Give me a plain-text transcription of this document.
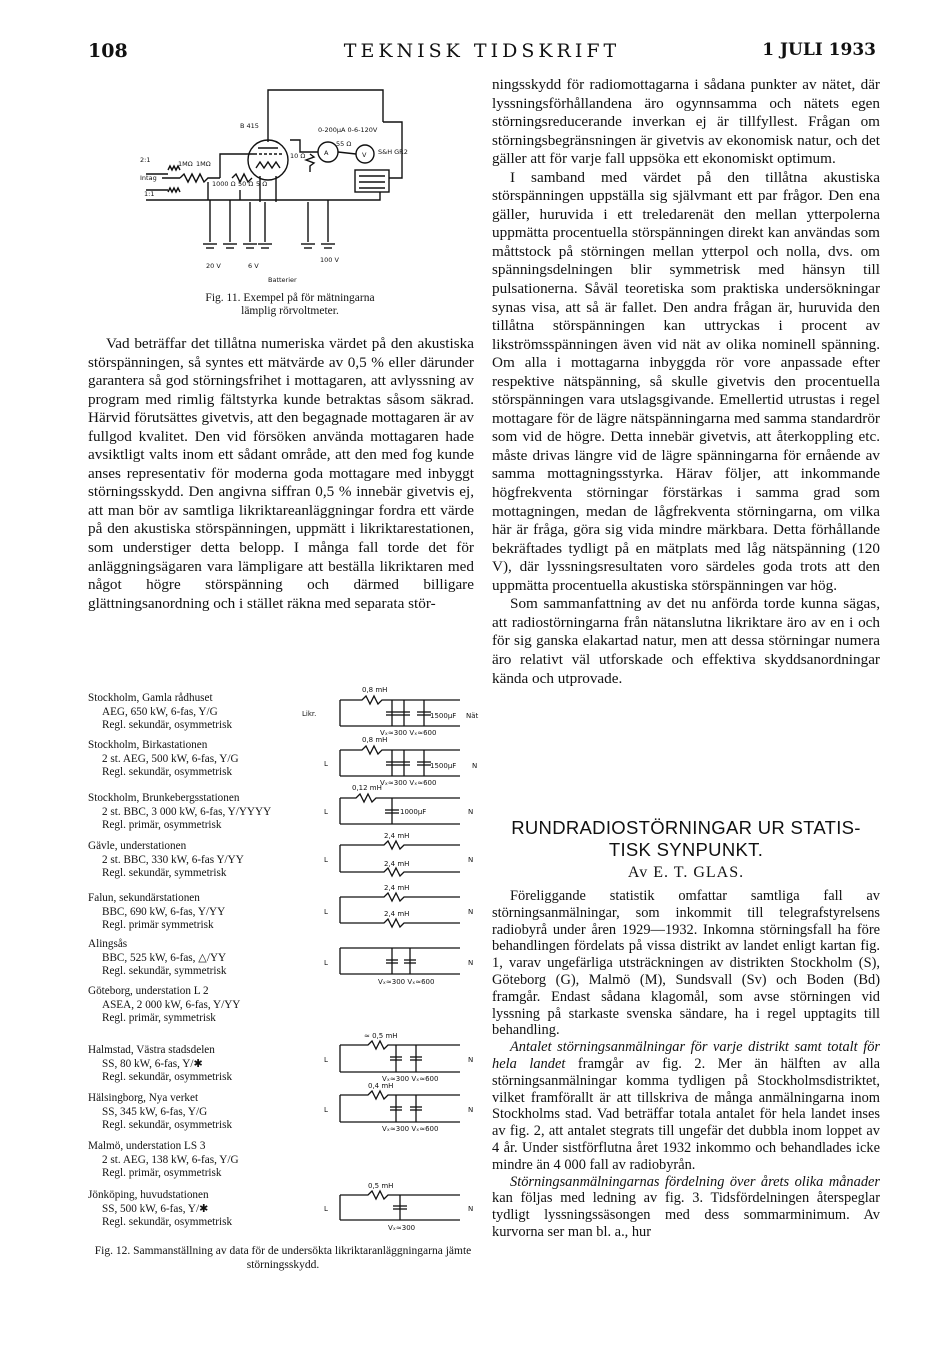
108	TEKNISK TIDSKRIFT	1 JULI 1933
B 415	0-200µA 0-6-120V
55 Ω
S&H GR2
10 Ω	A	V
2:1
Intag
1:1
1MΩ 1MΩ
1000 Ω 50 Ω 5 Ω
20 V	6 V
100 V
Batterier
Fig. 11. Exempel på för mätningarna
lämplig rörvoltmeter.

Vad beträffar det tillåtna numeriska värdet på den akustiska störspänningen, så syntes ett mätvärde av 0,5 % eller därunder garantera så god störningsfrihet i mottagaren, att avlyssning av program med rimlig fältstyrka kunde betraktas såsom säkrad. Härvid förutsättes givetvis, att den begagnade mottagaren är av fullgod kvalitet. Den vid försöken använda mottagaren hade avsiktligt valts inom ett sådant område, att den med fog kunde anses representativ för moderna goda mottagare med inbyggt störningsskydd. Den angivna siffran 0,5 % innebär givetvis ej, att man bör av samtliga likriktareanläggningar fordra ett värde på den akustiska störspänningen, uppmätt i likriktarestationen, som understiger detta belopp. I många fall torde det för anläggningsägaren vara lämpligare att beställa likriktaren med något högre störspänning och därmed billigare glättningsanordning och i stället räkna med separata stör-

Stockholm, Gamla rådhuset
AEG, 650 kW, 6-fas, Y/G
Regl. sekundär, osymmetrisk
Stockholm, Birkastationen
2 st. AEG, 500 kW, 6-fas, Y/G
Regl. sekundär, osymmetrisk
Stockholm, Brunkebergsstationen
2 st. BBC, 3 000 kW, 6-fas, Y/YYYY
Regl. primär, osymmetrisk
Gävle, understationen
2 st. BBC, 330 kW, 6-fas Y/YY
Regl. sekundär, symmetrisk
Falun, sekundärstationen
BBC, 690 kW, 6-fas, Y/YY
Regl. primär symmetrisk
Alingsås
BBC, 525 kW, 6-fas, △/YY
Regl. sekundär, symmetrisk
Göteborg, understation L 2
ASEA, 2 000 kW, 6-fas, Y/YY
Regl. primär, symmetrisk
Halmstad, Västra stadsdelen
SS, 80 kW, 6-fas, Y/✱
Regl. sekundär, osymmetrisk
Hälsingborg, Nya verket
SS, 345 kW, 6-fas, Y/G
Regl. sekundär, osymmetrisk
Malmö, understation LS 3
2 st. AEG, 138 kW, 6-fas, Y/G
Regl. primär, osymmetrisk
Jönköping, huvudstationen
SS, 500 kW, 6-fas, Y/✱
Regl. sekundär, osymmetrisk
0,8 mH
Likr.	1500µF Nät
Vₓ≈300 Vₓ≈600
0,8 mH
L	1500µF N
Vₓ≈300 Vₓ≈600
0,12 mH
L	1000µF	N
2,4 mH
2,4 mH
L	N
2,4 mH
2,4 mH
L	N
L	N
Vₓ≈300 Vₓ≈600
≈ 0,5 mH
L	N
Vₓ≈300 Vₓ≈600
0,4 mH
L	N
Vₓ≈300 Vₓ≈600
0,5 mH
L	N
Vₓ≈300
Fig. 12. Sammanställning av data för de undersökta likriktaranläggningarna jämte störningsskydd.

ningsskydd för radiomottagarna i sådana punkter av nätet, där lyssningsförhållandena äro ogynnsamma och nätets egen störningsreducerande inverkan ej är tillfyllest. Frågan om störningsbegränsningen är givetvis av ekonomisk natur, och det gäller att för varje fall uppsöka ett ekonomiskt optimum.

I samband med värdet på den tillåtna akustiska störspänningen uppställa sig självmant ett par frågor. Den ena gäller, huruvida i ett treledarenät den mellan ytterpolerna uppmätta procentuella störspänningen direkt kan användas som måttstock på störningen mellan ytterpol och nolla, dvs. om spänningsdelningen blir symmetrisk med hänsyn till pulsationerna. Såväl teoretiska som praktiska undersökningar synas visa, att så är fallet. Den andra frågan är, huruvida den tillåtna störspänningen kan uttryckas i procent av likströmsspänningen även vid nät av olika nominell spänning. Om alla i mottagarna inbyggda rör vore anpassade efter respektive nätspänning, så skulle givetvis den procentuella störspänningen vara utslagsgivande. Emellertid utrustas i regel mottagare för de lägre nätspänningarna med samma standardrör som vid de högre. Detta innebär givetvis, att återkoppling etc. måste drivas längre vid de lägre spänningarna för ernående av samma mottagningsstyrka. Härav följer, att inkommande högfrekventa störningar förstärkas i samma grad som mottagningen, medan de lågfrekventa störningarna, om vilka här är fråga, göra sig vida mindre märkbara. Detta förhållande bekräftades tydligt på en mätplats med låg nätspänning (120 V), där lyssningsresultaten voro särdeles goda trots att den uppmätta procentuella akustiska störspänningen var hög.

Som sammanfattning av det nu anförda torde kunna sägas, att radiostörningarna från nätanslutna likriktare äro av en i och för sig ganska elakartad natur, men att dessa störningar numera äro relativt väl utforskade och effektiva skyddsanordningar kända och utprovade.

RUNDRADIOSTÖRNINGAR UR STATIS-
TISK SYNPUNKT.
Av E. T. GLAS.

Föreliggande statistik omfattar samtliga fall av störningsanmälningar, som inkommit till telegrafstyrelsens radiobyrå under åren 1929—1932. Inkomna störningsfall ha före behandlingen fördelats på vissa distrikt av landet enligt kartan fig. 1, varav ungefärliga utsträckningen av distrikten Stockholm (S), Göteborg (G), Malmö (M), Sundsvall (Sv) och Boden (Bd) framgår. Endast sådana klagomål, som avse störningen vid lyssning på starkaste svenska sändare, ha i regel upptagits till behandling.

Antalet störningsanmälningar för varje distrikt samt totalt för hela landet framgår av fig. 2. Mer än hälften av alla störningsanmälningar komma tydligen på Stockholmsdistriktet, vilket framförallt är att tillskriva de många anmälningarna inom Stockholms stad. Vad beträffar totala antalet för hela landet inses av fig. 2, att antalet stegrats till ungefär det dubbla inom loppet av 4 år. Under sistförflutna året 1932 inkommo och behandlades icke mindre än 4 000 fall av radiobyrån.

Störningsanmälningarnas fördelning över årets olika månader kan följas med ledning av fig. 3. Tidsfördelningen återspeglar tydligt lyssningssäsongen med dess sommarminimum. Av kurvorna ser man bl. a., hur
